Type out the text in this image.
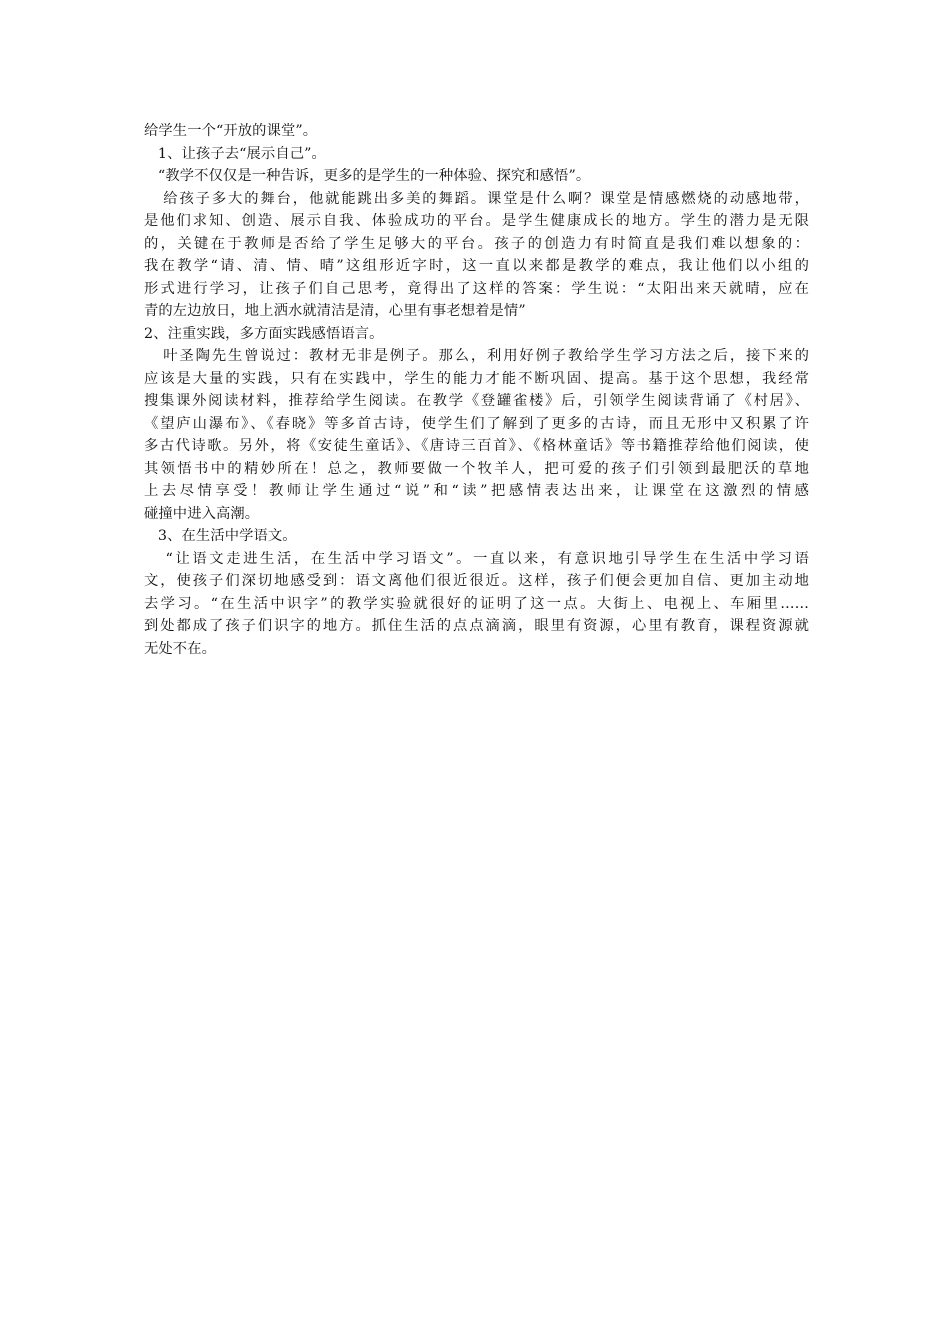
给学生一个“开放的课堂”。
1、让孩子去“展示自己”。
“教学不仅仅是一种告诉，更多的是学生的一种体验、探究和感悟”。
给孩子多大的舞台，他就能跳出多美的舞蹈。课堂是什么啊？课堂是情感燃烧的动感地带，
是他们求知、创造、展示自我、体验成功的平台。是学生健康成长的地方。学生的潜力是无限
的，关键在于教师是否给了学生足够大的平台。孩子的创造力有时简直是我们难以想象的：
我在教学“请、清、情、晴”这组形近字时，这一直以来都是教学的难点，我让他们以小组的
形式进行学习，让孩子们自己思考，竟得出了这样的答案：学生说：“太阳出来天就晴，应在
青的左边放日，地上洒水就清洁是清，心里有事老想着是情”
2、注重实践，多方面实践感悟语言。
叶圣陶先生曾说过：教材无非是例子。那么，利用好例子教给学生学习方法之后，接下来的
应该是大量的实践，只有在实践中，学生的能力才能不断巩固、提高。基于这个思想，我经常
搜集课外阅读材料，推荐给学生阅读。在教学《登罐雀楼》后，引领学生阅读背诵了《村居》、
《望庐山瀑布》、《春晓》等多首古诗，使学生们了解到了更多的古诗，而且无形中又积累了许
多古代诗歌。另外，将《安徒生童话》、《唐诗三百首》、《格林童话》等书籍推荐给他们阅读，使
其领悟书中的精妙所在！总之，教师要做一个牧羊人，把可爱的孩子们引领到最肥沃的草地
上去尽情享受！教师让学生通过“说”和“读”把感情表达出来，让课堂在这激烈的情感
碰撞中进入高潮。
3、在生活中学语文。
“让语文走进生活，在生活中学习语文”。一直以来，有意识地引导学生在生活中学习语
文，使孩子们深切地感受到：语文离他们很近很近。这样，孩子们便会更加自信、更加主动地
去学习。“在生活中识字”的教学实验就很好的证明了这一点。大街上、电视上、车厢里……
到处都成了孩子们识字的地方。抓住生活的点点滴滴，眼里有资源，心里有教育，课程资源就
无处不在。
